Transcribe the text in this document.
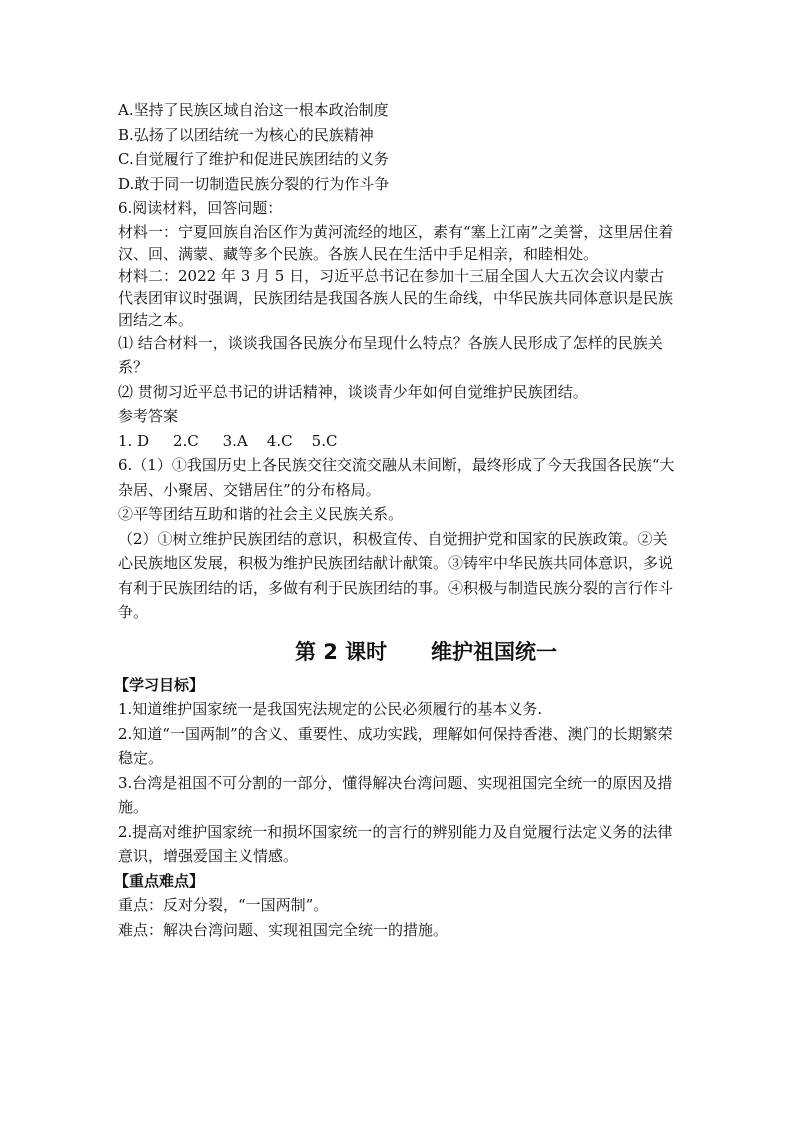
A.坚持了民族区域自治这一根本政治制度
B.弘扬了以团结统一为核心的民族精神
C.自觉履行了维护和促进民族团结的义务
D.敢于同一切制造民族分裂的行为作斗争
6.阅读材料，回答问题：
材料一：宁夏回族自治区作为黄河流经的地区，素有“塞上江南”之美誉，这里居住着汉、回、满蒙、藏等多个民族。各族人民在生活中手足相亲，和睦相处。
材料二：2022 年 3 月 5 日，习近平总书记在参加十三届全国人大五次会议内蒙古代表团审议时强调，民族团结是我国各族人民的生命线，中华民族共同体意识是民族团结之本。
⑴ 结合材料一，谈谈我国各民族分布呈现什么特点？各族人民形成了怎样的民族关系？
⑵ 贯彻习近平总书记的讲话精神，谈谈青少年如何自觉维护民族团结。
参考答案
1. D     2.C     3.A    4.C    5.C
6.（1）①我国历史上各民族交往交流交融从未间断，最终形成了今天我国各民族“大杂居、小聚居、交错居住”的分布格局。
②平等团结互助和谐的社会主义民族关系。
（2）①树立维护民族团结的意识，积极宣传、自觉拥护党和国家的民族政策。②关心民族地区发展，积极为维护民族团结献计献策。③铸牢中华民族共同体意识，多说有利于民族团结的话，多做有利于民族团结的事。④积极与制造民族分裂的言行作斗争。
第 2 课时      维护祖国统一
【学习目标】
1.知道维护国家统一是我国宪法规定的公民必须履行的基本义务.
2.知道“一国两制”的含义、重要性、成功实践，理解如何保持香港、澳门的长期繁荣稳定。
3.台湾是祖国不可分割的一部分，懂得解决台湾问题、实现祖国完全统一的原因及措施。
2.提高对维护国家统一和损坏国家统一的言行的辨别能力及自觉履行法定义务的法律意识，增强爱国主义情感。
【重点难点】
重点：反对分裂，“一国两制”。
难点：解决台湾问题、实现祖国完全统一的措施。
